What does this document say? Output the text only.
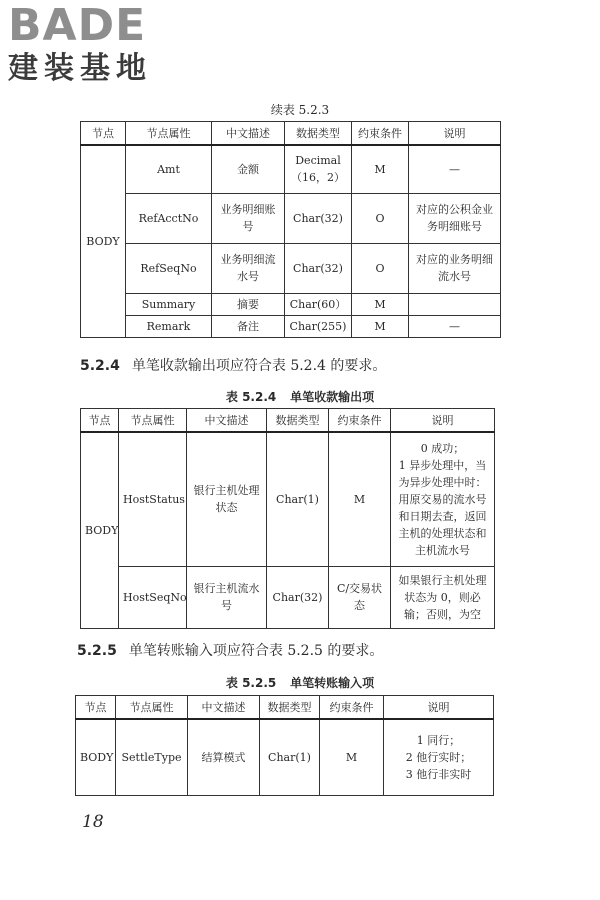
BADE
建装基地
续表 5.2.3
节点	节点属性	中文描述	数据类型	约束条件	说明
BODY	Amt	金额	Decimal（16，2）	M	—
	RefAcctNo	业务明细账号	Char(32)	O	对应的公积金业务明细账号
	RefSeqNo	业务明细流水号	Char(32)	O	对应的业务明细流水号
	Summary	摘要	Char(60）	M	
	Remark	备注	Char(255)	M	—
5.2.4 单笔收款输出项应符合表 5.2.4 的要求。
表 5.2.4 单笔收款输出项
节点	节点属性	中文描述	数据类型	约束条件	说明
BODY	HostStatus	银行主机处理状态	Char(1)	M	0 成功；
1 异步处理中，当为异步处理中时：用原交易的流水号和日期去查，返回主机的处理状态和主机流水号

	HostSeqNo	银行主机流水号	Char(32)	C/交易状态	如果银行主机处理状态为 0，则必输；否则，为空
5.2.5 单笔转账输入项应符合表 5.2.5 的要求。
表 5.2.5 单笔转账输入项
节点	节点属性	中文描述	数据类型	约束条件	说明
BODY	SettleType	结算模式	Char(1)	M	1 同行；
2 他行实时；
3 他行非实时
18
